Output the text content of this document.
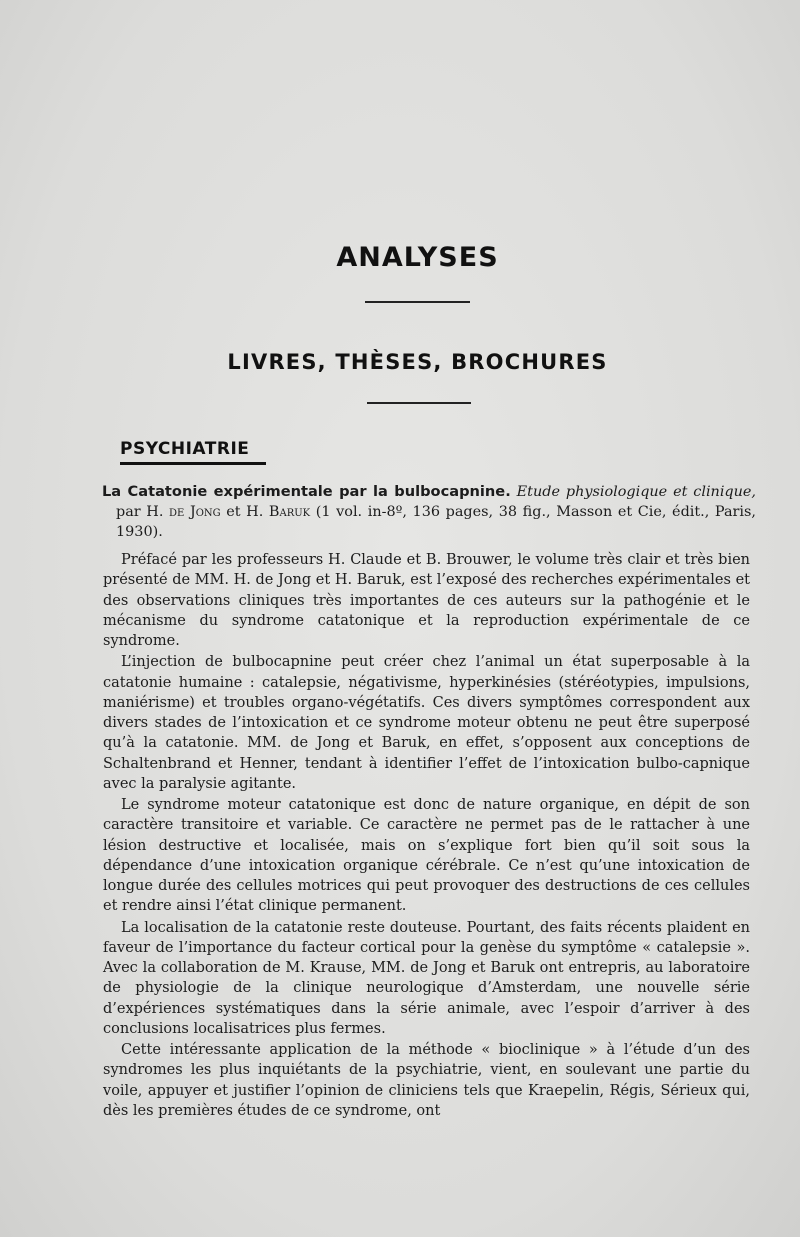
ANALYSES
LIVRES, THÈSES, BROCHURES
PSYCHIATRIE
La Catatonie expérimentale par la bulbocapnine. Etude physiologique et clinique, par H. de Jong et H. Baruk (1 vol. in-8º, 136 pages, 38 fig., Masson et Cie, édit., Paris, 1930).

Préfacé par les professeurs H. Claude et B. Brouwer, le volume très clair et très bien présenté de MM. H. de Jong et H. Baruk, est l’exposé des recherches expérimentales et des observations cliniques très importantes de ces auteurs sur la pathogénie et le mécanisme du syndrome catatonique et la reproduction expérimentale de ce syndrome.

L’injection de bulbocapnine peut créer chez l’animal un état superposable à la catatonie humaine : catalepsie, négativisme, hyperkinésies (stéréotypies, impulsions, maniérisme) et troubles organo-végétatifs. Ces divers symptômes correspondent aux divers stades de l’intoxication et ce syndrome moteur obtenu ne peut être superposé qu’à la catatonie. MM. de Jong et Baruk, en effet, s’opposent aux conceptions de Schaltenbrand et Henner, tendant à identifier l’effet de l’intoxication bulbo-capnique avec la paralysie agitante.

Le syndrome moteur catatonique est donc de nature organique, en dépit de son caractère transitoire et variable. Ce caractère ne permet pas de le rattacher à une lésion destructive et localisée, mais on s’explique fort bien qu’il soit sous la dépendance d’une intoxication organique cérébrale. Ce n’est qu’une intoxication de longue durée des cellules motrices qui peut provoquer des destructions de ces cellules et rendre ainsi l’état clinique permanent.

La localisation de la catatonie reste douteuse. Pourtant, des faits récents plaident en faveur de l’importance du facteur cortical pour la genèse du symptôme « catalepsie ». Avec la collaboration de M. Krause, MM. de Jong et Baruk ont entrepris, au laboratoire de physiologie de la clinique neurologique d’Amsterdam, une nouvelle série d’expériences systématiques dans la série animale, avec l’espoir d’arriver à des conclusions localisatrices plus fermes.

Cette intéressante application de la méthode « bioclinique » à l’étude d’un des syndromes les plus inquiétants de la psychiatrie, vient, en soulevant une partie du voile, appuyer et justifier l’opinion de cliniciens tels que Kraepelin, Régis, Sérieux qui, dès les premières études de ce syndrome, ont
